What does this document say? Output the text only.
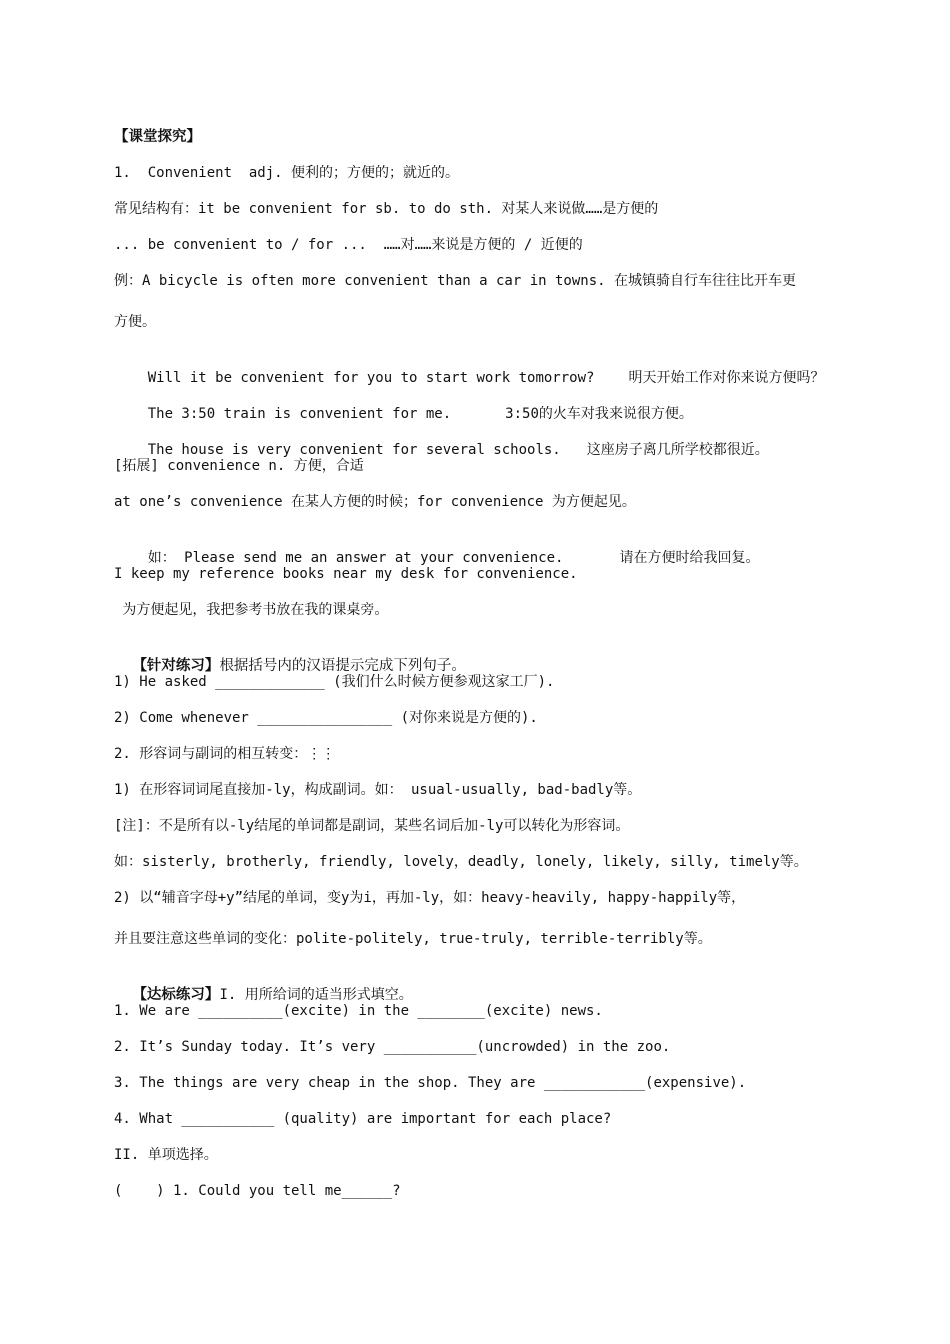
【课堂探究】
1.  Convenient  adj. 便利的；方便的；就近的。
常见结构有：it be convenient for sb. to do sth. 对某人来说做……是方便的
... be convenient to / for ...  ……对……来说是方便的 / 近便的
例：A bicycle is often more convenient than a car in towns. 在城镇骑自行车往往比开车更
方便。

Will it be convenient for you to start work tomorrow? 明天开始工作对你来说方便吗？

The 3:50 train is convenient for me.	3:50的火车对我来说很方便。

The house is very convenient for several schools. 这座房子离几所学校都很近。

[拓展] convenience n. 方便，合适
at one’s convenience 在某人方便的时候；for convenience 为方便起见。

如： Please send me an answer at your convenience.	请在方便时给我回复。

I keep my reference books near my desk for convenience.
为方便起见，我把参考书放在我的课桌旁。

【针对练习】根据括号内的汉语提示完成下列句子。

1) He asked _____________ (我们什么时候方便参观这家工厂).
2) Come whenever ________________ (对你来说是方便的).
2. 形容词与副词的相互转变：⋮⋮
1) 在形容词词尾直接加-ly，构成副词。如： usual-usually, bad-badly等。
[注]：不是所有以-ly结尾的单词都是副词，某些名词后加-ly可以转化为形容词。
如：sisterly, brotherly, friendly, lovely，deadly, lonely, likely, silly, timely等。
2) 以“辅音字母+y”结尾的单词，变y为i，再加-ly，如：heavy-heavily, happy-happily等，
并且要注意这些单词的变化：polite-politely, true-truly, terrible-terribly等。

【达标练习】I. 用所给词的适当形式填空。

1. We are __________(excite) in the ________(excite) news.
2. It’s Sunday today. It’s very ___________(uncrowded) in the zoo.
3. The things are very cheap in the shop. They are ____________(expensive).
4. What ___________ (quality) are important for each place?
II. 单项选择。
(    ) 1. Could you tell me______?
